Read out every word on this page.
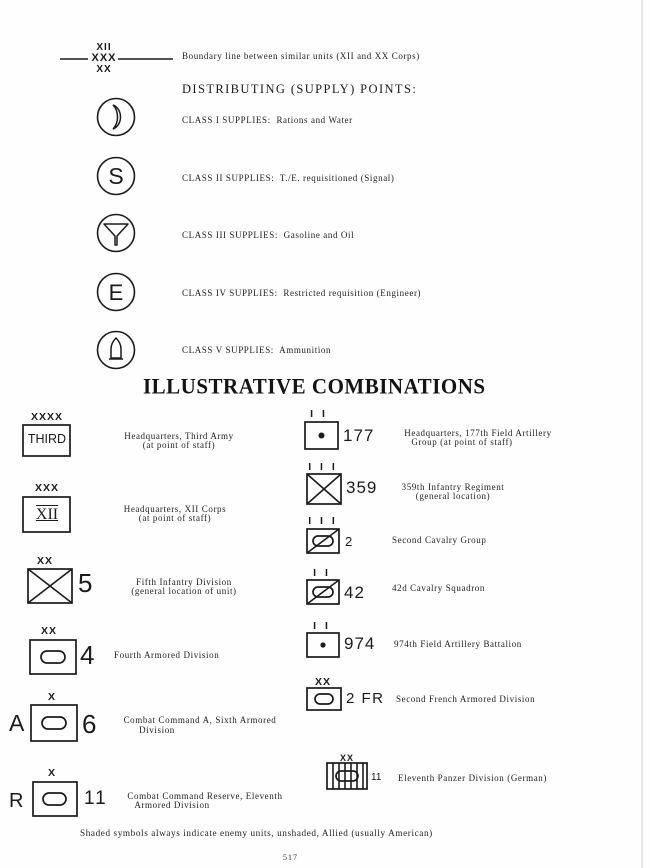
XII
XXX
XX
Boundary line between similar units (XII and XX Corps)
DISTRIBUTING (SUPPLY) POINTS:
CLASS I SUPPLIES: Rations and Water
S	CLASS II SUPPLIES: T./E. requisitioned (Signal)
CLASS III SUPPLIES: Gasoline and Oil
E	CLASS IV SUPPLIES: Restricted requisition (Engineer)
CLASS V SUPPLIES: Ammunition
ILLUSTRATIVE COMBINATIONS
XXXX
THIRD	Headquarters, Third Army
(at point of staff)
XXX
XII	Headquarters, XII Corps
(at point of staff)
XX
5	Fifth Infantry Division
(general location of unit)
XX
4 Fourth Armored Division
X
A 6	Combat Command A, Sixth Armored
Division
X
R	11	Combat Command Reserve, Eleventh
Armored Division
I I
177	Headquarters, 177th Field Artillery
Group (at point of staff)
I I I
359	359th Infantry Regiment
(general location)
I I I
2	Second Cavalry Group
I I
42	42d Cavalry Squadron
I I
974 974th Field Artillery Battalion
XX
2 FR Second French Armored Division
XX
11 Eleventh Panzer Division (German)
Shaded symbols always indicate enemy units, unshaded, Allied (usually American)
517
